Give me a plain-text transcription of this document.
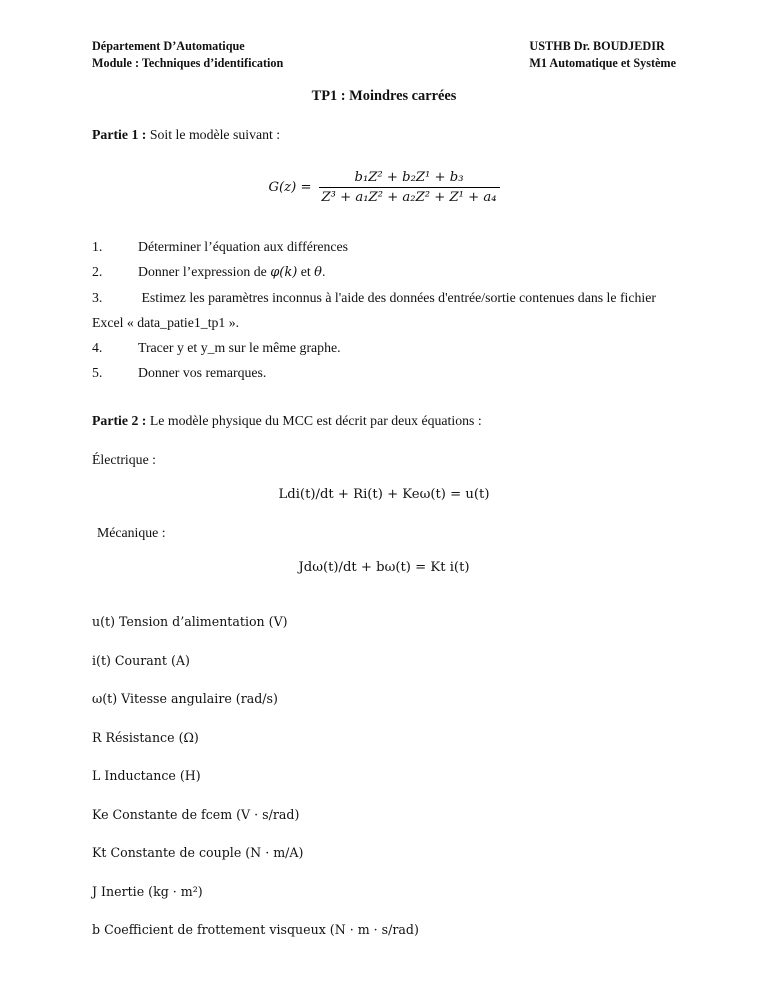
Département D’Automatique
Module : Techniques d’identification
USTHB Dr. BOUDJEDIR
M1 Automatique et Système
TP1 : Moindres carrées
Partie 1 : Soit le modèle suivant :
$G(z) = \frac{\text{b₁Z² + b₂Z¹ + b₃}}{\text{Z³ + a₁Z² + a₂Z² + Z¹ + a₄}}$
1.	Déterminer l’équation aux différences
2.	Donner l’expression de φ(k) et θ.
3.	Estimez les paramètres inconnus à l'aide des données d'entrée/sortie contenues dans le fichier Excel « data_patie1_tp1 ».
4.	Tracer y et y_m sur le même graphe.
5.	Donner vos remarques.
Partie 2 : Le modèle physique du MCC est décrit par deux équations :
Électrique :
Ldi(t)/dt + Ri(t) + Keω(t) = u(t)
Mécanique :
Jdω(t)/dt + bω(t) = Kt i(t)
u(t) Tension d’alimentation (V)
i(t) Courant (A)
ω(t) Vitesse angulaire (rad/s)
R Résistance (Ω)
L Inductance (H)
Ke Constante de fcem (V · s/rad)
Kt Constante de couple (N · m/A)
J Inertie (kg · m²)
b Coefficient de frottement visqueux (N · m · s/rad)
